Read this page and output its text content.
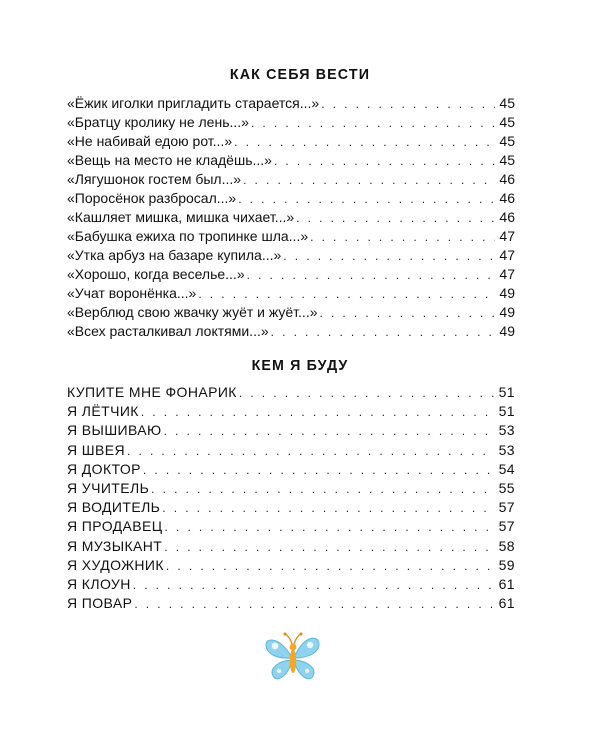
КАК СЕБЯ ВЕСТИ
«Ёжик иголки пригладить старается...» . . .	45
«Братцу кролику не лень...» . . .	45
«Не набивай едою рот...» . . .	45
«Вещь на место не кладёшь...» . . .	45
«Лягушонок гостем был...» . . .	46
«Поросёнок разбросал...» . . .	46
«Кашляет мишка, мишка чихает...» . . .	46
«Бабушка ежиха по тропинке шла...» . . .	47
«Утка арбуз на базаре купила...» . . .	47
«Хорошо, когда веселье...» . . .	47
«Учат воронёнка...» . . .	49
«Верблюд свою жвачку жуёт и жуёт...» . . .	49
«Всех расталкивал локтями...» . . .	49
КЕМ Я БУДУ
КУПИТЕ МНЕ ФОНАРИК . . .	51
Я ЛЁТЧИК . . .	51
Я ВЫШИВАЮ . . .	53
Я ШВЕЯ . . .	53
Я ДОКТОР . . .	54
Я УЧИТЕЛЬ . . .	55
Я ВОДИТЕЛЬ . . .	57
Я ПРОДАВЕЦ . . .	57
Я МУЗЫКАНТ . . .	58
Я ХУДОЖНИК . . .	59
Я КЛОУН . . .	61
Я ПОВАР . . .	61
